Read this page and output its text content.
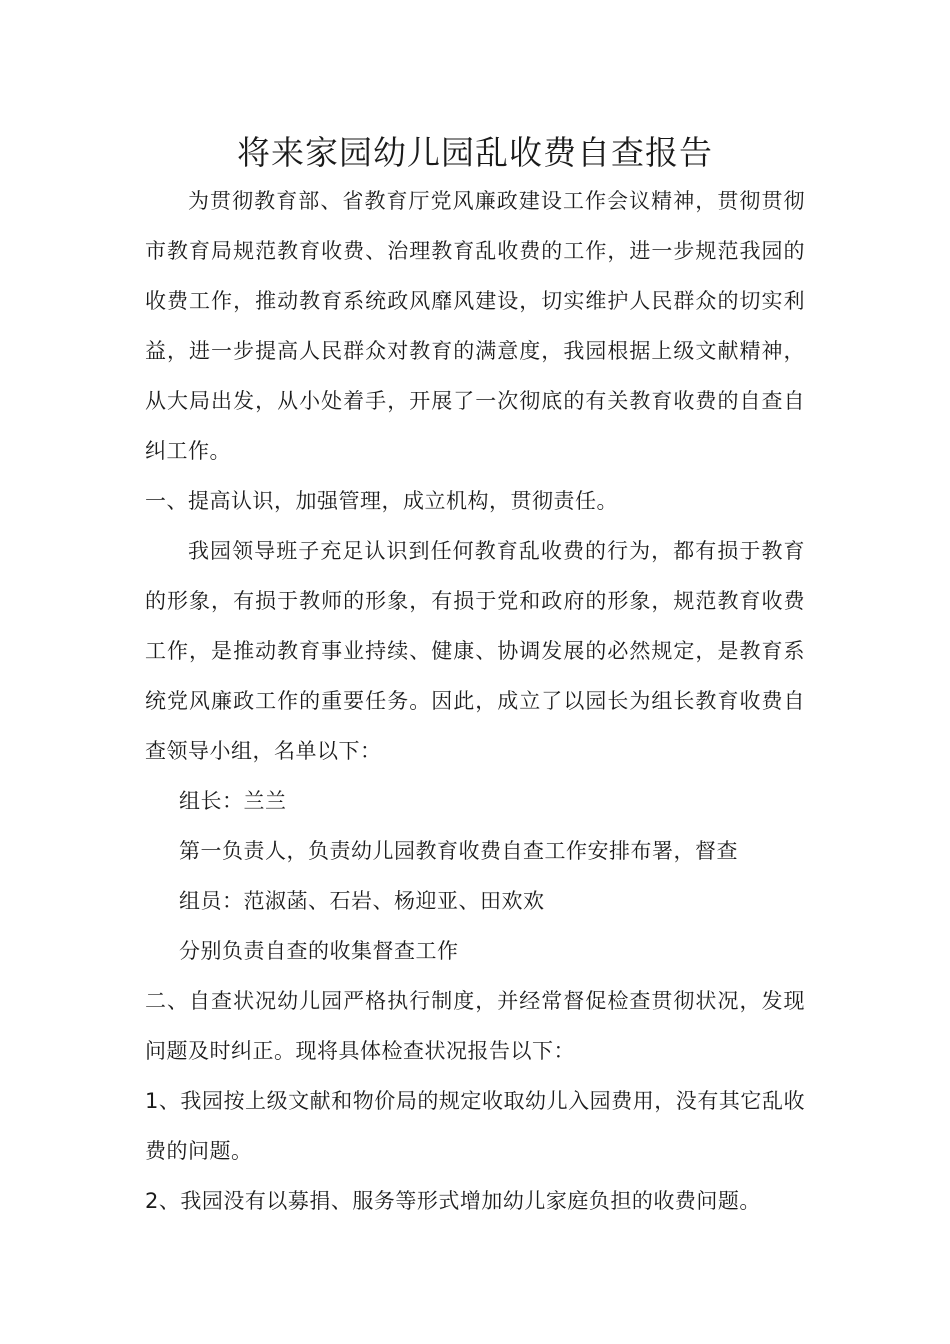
将来家园幼儿园乱收费自查报告

为贯彻教育部、省教育厅党风廉政建设工作会议精神，贯彻贯彻市教育局规范教育收费、治理教育乱收费的工作，进一步规范我园的收费工作，推动教育系统政风靡风建设，切实维护人民群众的切实利益，进一步提高人民群众对教育的满意度，我园根据上级文献精神，从大局出发，从小处着手，开展了一次彻底的有关教育收费的自查自纠工作。

一、提高认识，加强管理，成立机构，贯彻责任。

我园领导班子充足认识到任何教育乱收费的行为，都有损于教育的形象，有损于教师的形象，有损于党和政府的形象，规范教育收费工作，是推动教育事业持续、健康、协调发展的必然规定，是教育系统党风廉政工作的重要任务。因此，成立了以园长为组长教育收费自查领导小组，名单以下：

组长：兰兰

第一负责人，负责幼儿园教育收费自查工作安排布署，督查

组员：范淑菡、石岩、杨迎亚、田欢欢

分别负责自查的收集督查工作

二、自查状况幼儿园严格执行制度，并经常督促检查贯彻状况，发现问题及时纠正。现将具体检查状况报告以下：

1、我园按上级文献和物价局的规定收取幼儿入园费用，没有其它乱收费的问题。

2、我园没有以募捐、服务等形式增加幼儿家庭负担的收费问题。
